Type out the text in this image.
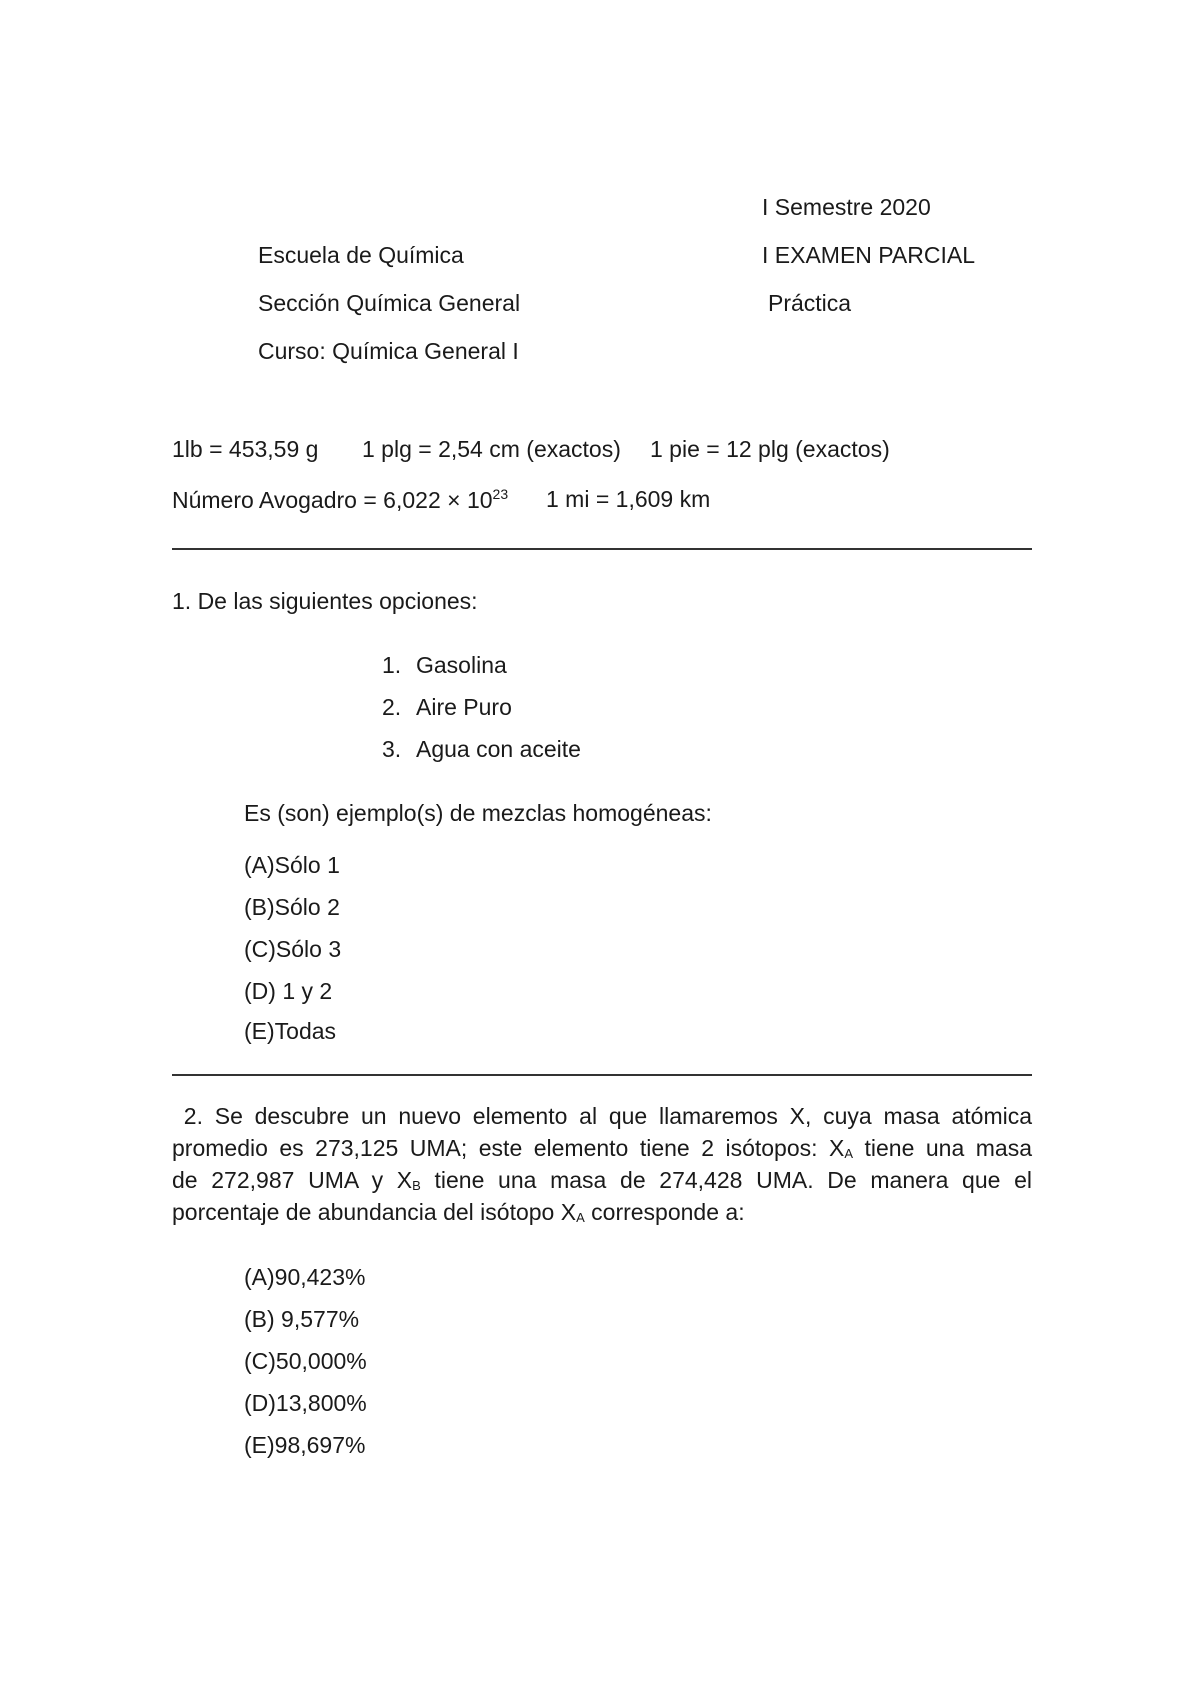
I Semestre 2020
Escuela de Química	I EXAMEN PARCIAL
Sección Química General	Práctica
Curso: Química General I
1lb = 453,59 g 1 plg = 2,54 cm (exactos) 1 pie = 12 plg (exactos)
Número Avogadro = $6,022 \times 10^{23}$ 1 mi = 1,609 km
1. De las siguientes opciones:
1. Gasolina
2. Aire Puro
3. Agua con aceite
Es (son) ejemplo(s) de mezclas homogéneas:
(A)Sólo 1
(B)Sólo 2
(C)Sólo 3
(D) 1 y 2
(E)Todas
2. Se descubre un nuevo elemento al que llamaremos X, cuya masa atómica
promedio es 273,125 UMA; este elemento tiene 2 isótopos: XA tiene una masa
de 272,987 UMA y XB tiene una masa de 274,428 UMA. De manera que el
porcentaje de abundancia del isótopo XA corresponde a:
(A)90,423%
(B) 9,577%
(C)50,000%
(D)13,800%
(E)98,697%
